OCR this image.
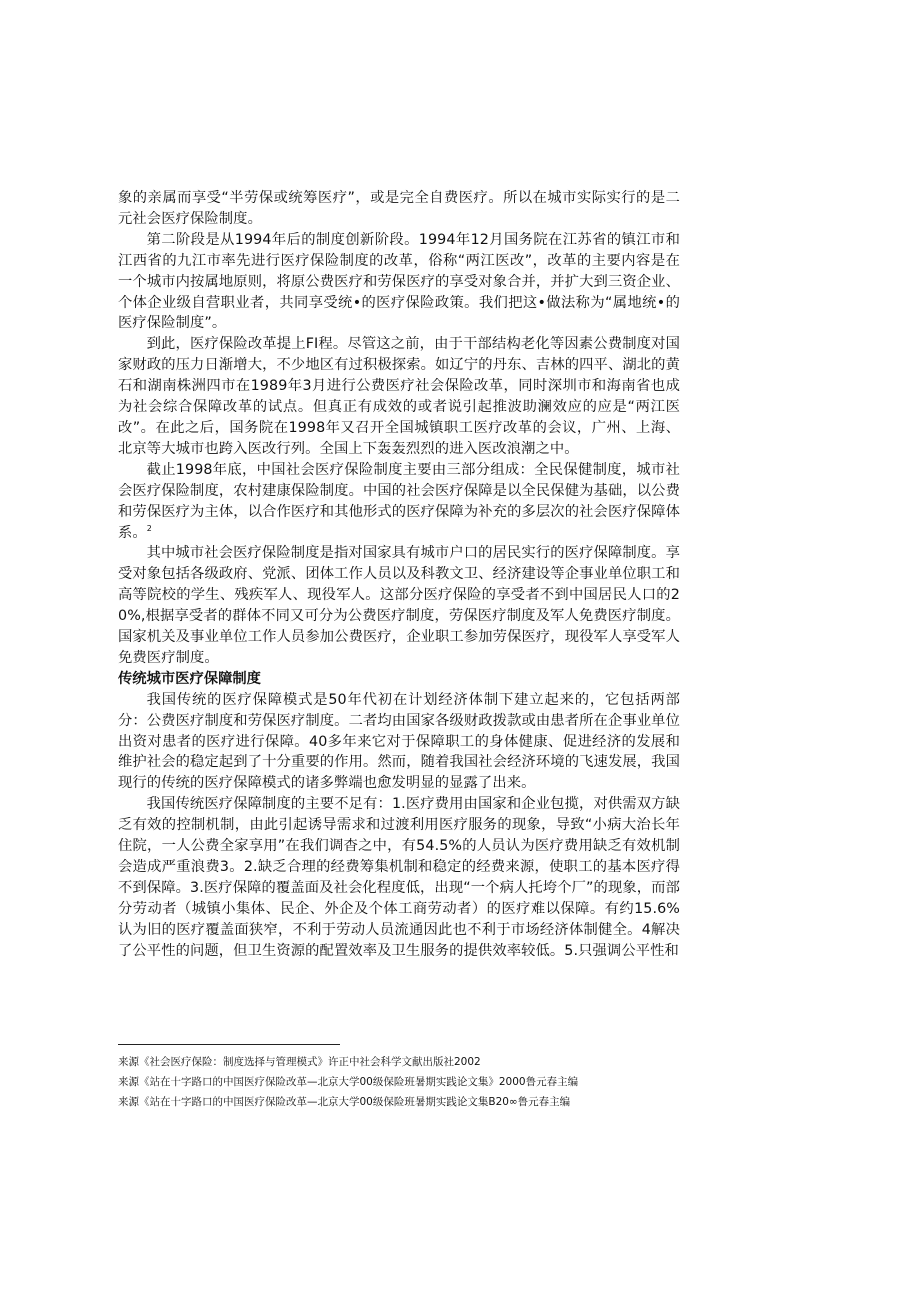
象的亲属而享受“半劳保或统筹医疗”，或是完全自费医疗。所以在城市实际实行的是二元社会医疗保险制度。

第二阶段是从1994年后的制度创新阶段。1994年12月国务院在江苏省的镇江市和江西省的九江市率先进行医疗保险制度的改革，俗称“两江医改”，改革的主要内容是在一个城市内按属地原则，将原公费医疗和劳保医疗的享受对象合并，并扩大到三资企业、个体企业级自营职业者，共同享受统•的医疗保险政策。我们把这•做法称为“属地统•的医疗保险制度”。

到此，医疗保险改革提上FI程。尽管这之前，由于干部结构老化等因素公费制度对国家财政的压力日渐增大，不少地区有过积极探索。如辽宁的丹东、吉林的四平、湖北的黄石和湖南株洲四市在1989年3月进行公费医疗社会保险改革，同时深圳市和海南省也成为社会综合保障改革的试点。但真正有成效的或者说引起推波助澜效应的应是“两江医改”。在此之后，国务院在1998年又召开全国城镇职工医疗改革的会议，广州、上海、北京等大城市也跨入医改行列。全国上下轰轰烈烈的进入医改浪潮之中。

截止1998年底，中国社会医疗保险制度主要由三部分组成：全民保健制度，城市社会医疗保险制度，农村建康保险制度。中国的社会医疗保障是以全民保健为基础，以公费和劳保医疗为主体，以合作医疗和其他形式的医疗保障为补充的多层次的社会医疗保障体系。$^2$

其中城市社会医疗保险制度是指对国家具有城市户口的居民实行的医疗保障制度。享受对象包括各级政府、党派、团体工作人员以及科教文卫、经济建设等企事业单位职工和高等院校的学生、残疾军人、现役军人。这部分医疗保险的享受者不到中国居民人口的20%,根据享受者的群体不同又可分为公费医疗制度，劳保医疗制度及军人免费医疗制度。国家机关及事业单位工作人员参加公费医疗，企业职工参加劳保医疗，现役军人享受军人免费医疗制度。

传统城市医疗保障制度

我国传统的医疗保障模式是50年代初在计划经济体制下建立起来的，它包括两部分：公费医疗制度和劳保医疗制度。二者均由国家各级财政拨款或由患者所在企事业单位出资对患者的医疗进行保障。40多年来它对于保障职工的身体健康、促进经济的发展和维护社会的稳定起到了十分重要的作用。然而，随着我国社会经济环境的飞速发展，我国现行的传统的医疗保障模式的诸多弊端也愈发明显的显露了出来。

我国传统医疗保障制度的主要不足有：1.医疗费用由国家和企业包揽，对供需双方缺乏有效的控制机制，由此引起诱导需求和过渡利用医疗服务的现象，导致“小病大治长年住院，一人公费全家享用”在我们调杳之中，有54.5%的人员认为医疗费用缺乏有效机制会造成严重浪费3。2.缺乏合理的经费筹集机制和稳定的经费来源，使职工的基本医疗得不到保障。3.医疗保障的覆盖面及社会化程度低，出现“一个病人托垮个厂”的现象，而部分劳动者（城镇小集体、民企、外企及个体工商劳动者）的医疗难以保障。有约15.6%认为旧的医疗覆盖面狭窄，不利于劳动人员流通因此也不利于市场经济体制健全。4解决了公平性的问题，但卫生资源的配置效率及卫生服务的提供效率较低。5.只强调公平性和

来源《社会医疗保险：制度选择与管理模式》许正中社会科学文献出版社2002

来源《站在十字路口的中国医疗保险改革—北京大学00级保险班暑期实践论文集》2000鲁元春主编

来源《站在十字路口的中国医疗保险改革—北京大学00级保险班暑期实践论文集B20∞鲁元春主编
